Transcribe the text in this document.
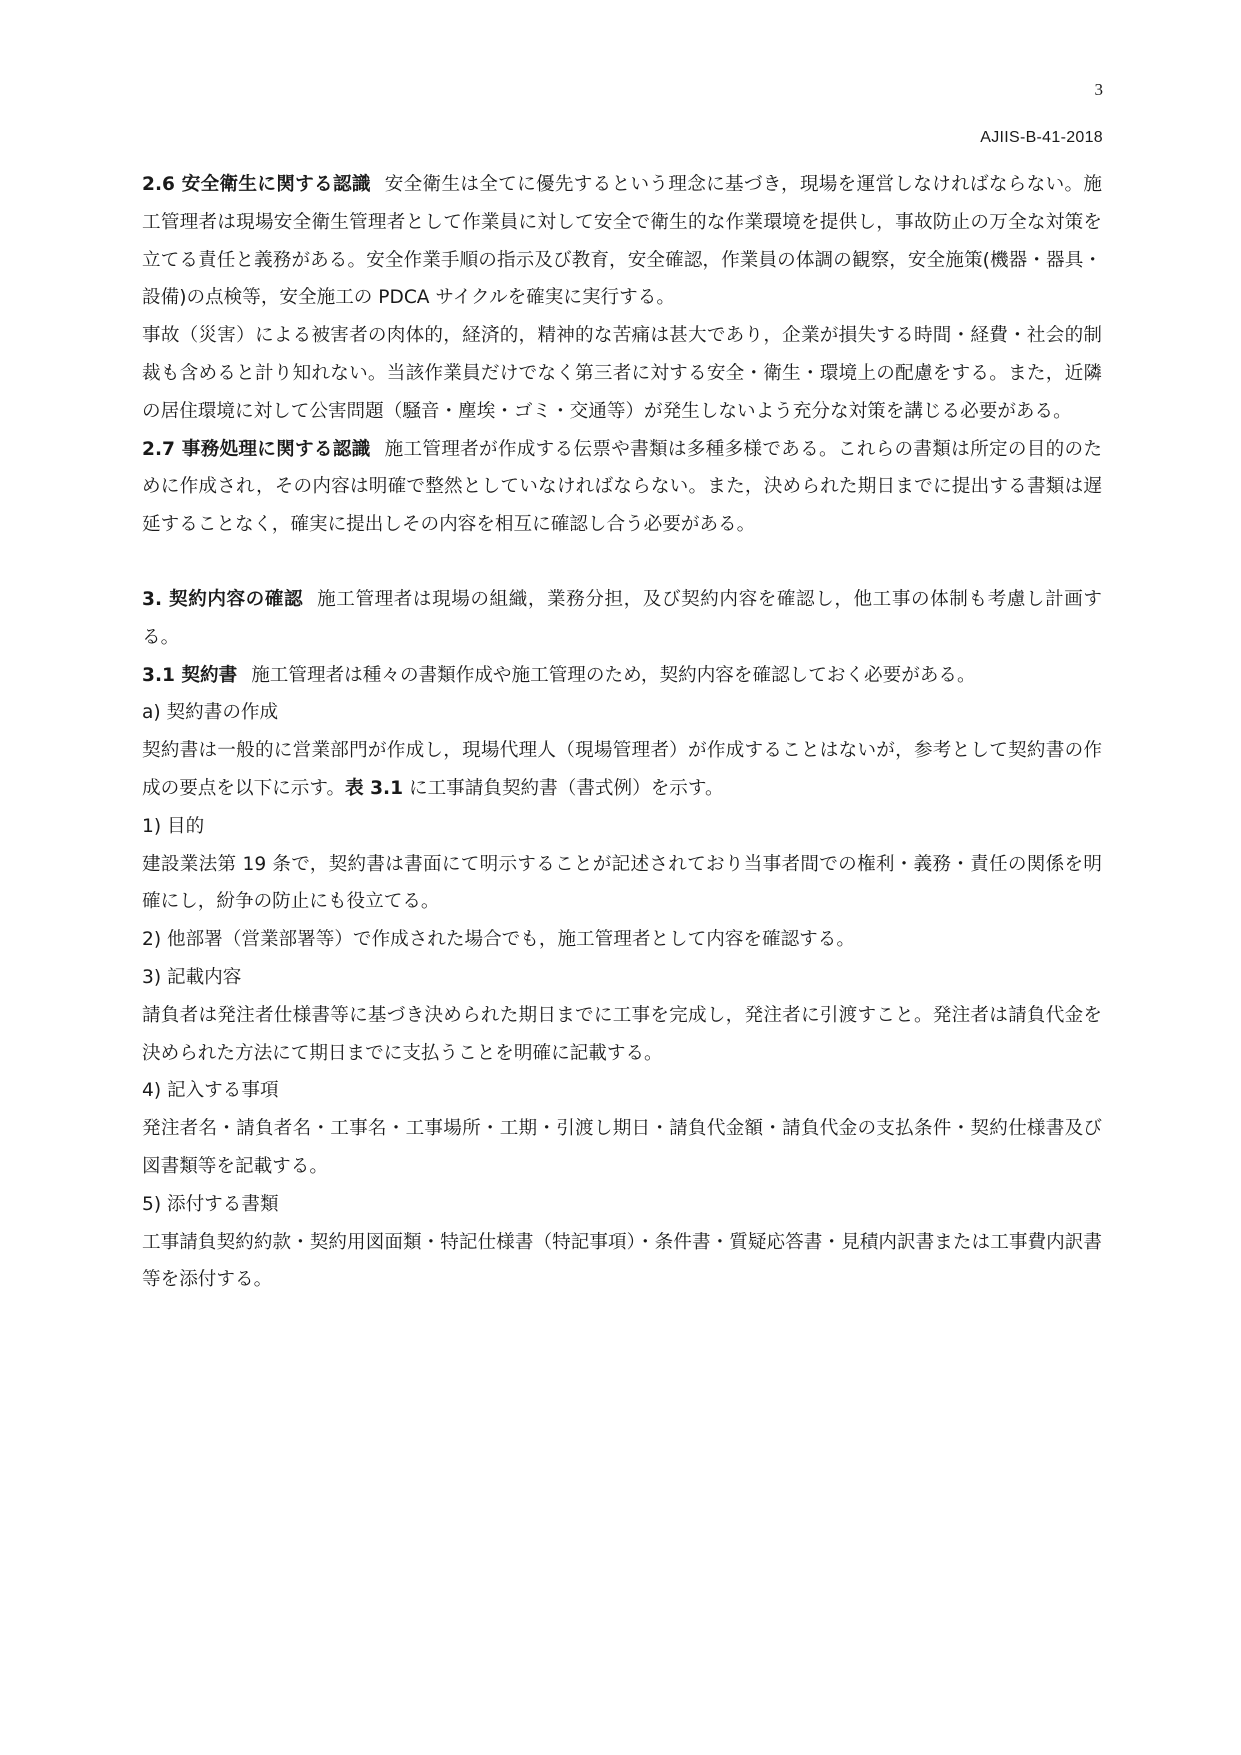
3
AJIIS-B-41-2018

2.6 安全衛生に関する認識 安全衛生は全てに優先するという理念に基づき，現場を運営しなければならない。施工管理者は現場安全衛生管理者として作業員に対して安全で衛生的な作業環境を提供し，事故防止の万全な対策を立てる責任と義務がある。安全作業手順の指示及び教育，安全確認，作業員の体調の観察，安全施策(機器・器具・設備)の点検等，安全施工の PDCA サイクルを確実に実行する。

事故（災害）による被害者の肉体的，経済的，精神的な苦痛は甚大であり，企業が損失する時間・経費・社会的制裁も含めると計り知れない。当該作業員だけでなく第三者に対する安全・衛生・環境上の配慮をする。また，近隣の居住環境に対して公害問題（騒音・塵埃・ゴミ・交通等）が発生しないよう充分な対策を講じる必要がある。

2.7 事務処理に関する認識 施工管理者が作成する伝票や書類は多種多様である。これらの書類は所定の目的のために作成され，その内容は明確で整然としていなければならない。また，決められた期日までに提出する書類は遅延することなく，確実に提出しその内容を相互に確認し合う必要がある。

3. 契約内容の確認 施工管理者は現場の組織，業務分担，及び契約内容を確認し，他工事の体制も考慮し計画する。

3.1 契約書 施工管理者は種々の書類作成や施工管理のため，契約内容を確認しておく必要がある。

a) 契約書の作成

契約書は一般的に営業部門が作成し，現場代理人（現場管理者）が作成することはないが，参考として契約書の作成の要点を以下に示す。表 3.1 に工事請負契約書（書式例）を示す。

1) 目的

建設業法第 19 条で，契約書は書面にて明示することが記述されており当事者間での権利・義務・責任の関係を明確にし，紛争の防止にも役立てる。

2) 他部署（営業部署等）で作成された場合でも，施工管理者として内容を確認する。

3) 記載内容

請負者は発注者仕様書等に基づき決められた期日までに工事を完成し，発注者に引渡すこと。発注者は請負代金を決められた方法にて期日までに支払うことを明確に記載する。

4) 記入する事項

発注者名・請負者名・工事名・工事場所・工期・引渡し期日・請負代金額・請負代金の支払条件・契約仕様書及び図書類等を記載する。

5) 添付する書類

工事請負契約約款・契約用図面類・特記仕様書（特記事項）・条件書・質疑応答書・見積内訳書または工事費内訳書等を添付する。
